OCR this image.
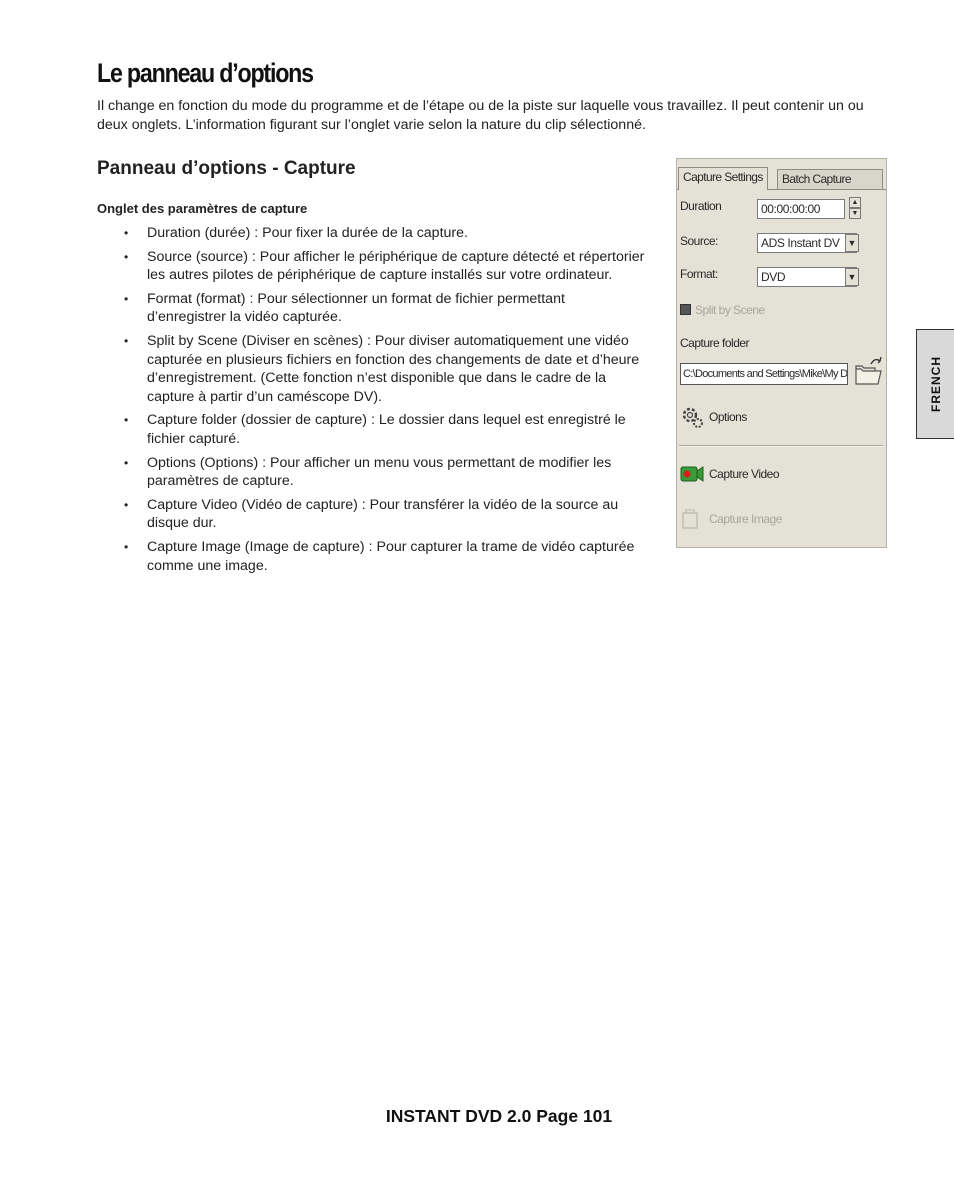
Le panneau d’options

Il change en fonction du mode du programme et de l’étape ou de la piste sur laquelle vous travaillez. Il peut contenir un ou deux onglets. L’information figurant sur l’onglet varie selon la nature du clip sélectionné.

Panneau d’options - Capture
Onglet des paramètres de capture
• Duration (durée) : Pour fixer la durée de la capture.
• Source (source) : Pour afficher le périphérique de capture détecté et répertorier les autres pilotes de périphérique de capture installés sur votre ordinateur.
• Format (format) : Pour sélectionner un format de fichier permettant d’enregistrer la vidéo capturée.
• Split by Scene (Diviser en scènes) : Pour diviser automatiquement une vidéo capturée en plusieurs fichiers en fonction des changements de date et d’heure d’enregistrement. (Cette fonction n’est disponible que dans le cadre de la capture à partir d’un caméscope DV).
• Capture folder (dossier de capture) : Le dossier dans lequel est enregistré le fichier capturé.
• Options (Options) : Pour afficher un menu vous permettant de modifier les paramètres de capture.
• Capture Video (Vidéo de capture) : Pour transférer la vidéo de la source au disque dur.
• Capture Image (Image de capture) : Pour capturer la trame de vidéo capturée comme une image.
Batch Capture
Capture Settings
Duration	00:00:00:00	▲
▼
Source:	ADS Instant DV ▼
Format:	DVD	▼
Split by Scene
Capture folder
C:\Documents and Settings\Mike\My D
Options
Capture Video
Capture Image
FRENCH

INSTANT DVD 2.0 Page 101
